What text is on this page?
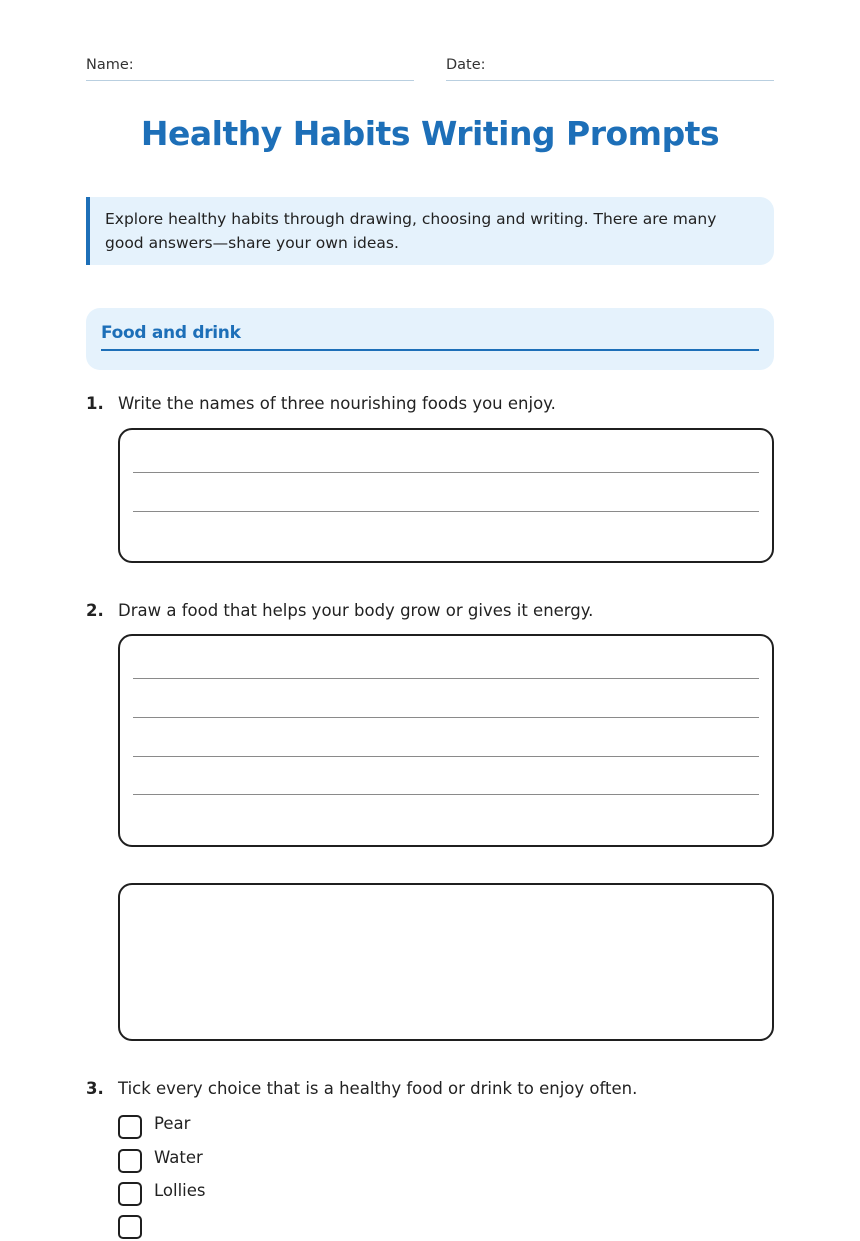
Name:	Date:
Healthy Habits Writing Prompts
Explore healthy habits through drawing, choosing and writing. There are many good answers—share your own ideas.
Food and drink
1. Write the names of three nourishing foods you enjoy.
2. Draw a food that helps your body grow or gives it energy.
3. Tick every choice that is a healthy food or drink to enjoy often.
Pear
Water
Lollies
